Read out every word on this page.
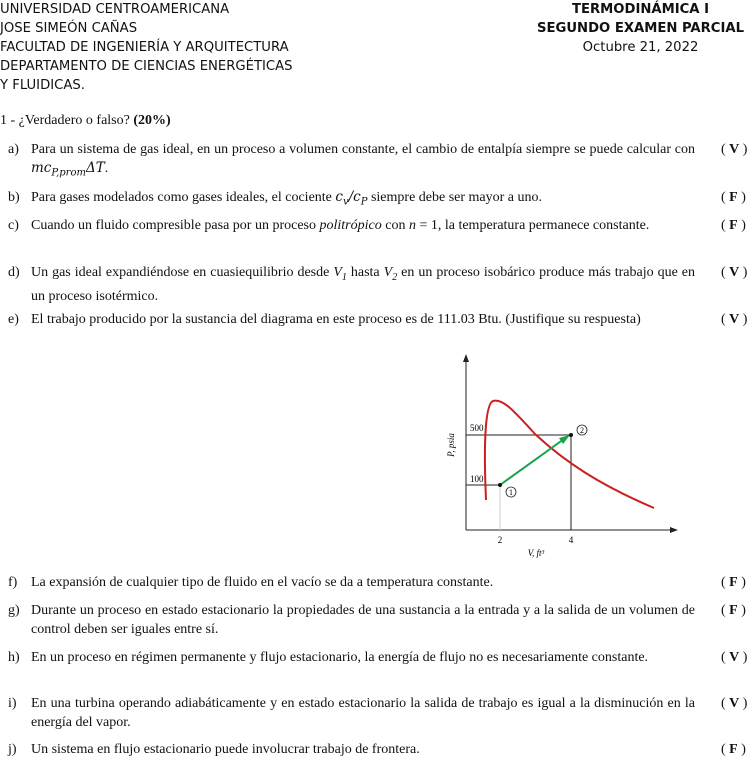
UNIVERSIDAD CENTROAMERICANA
JOSE SIMEÓN CAÑAS
FACULTAD DE INGENIERÍA Y ARQUITECTURA
DEPARTAMENTO DE CIENCIAS ENERGÉTICAS
Y FLUIDICAS.
TERMODINÁMICA I
SEGUNDO EXAMEN PARCIAL
Octubre 21, 2022
1 - ¿Verdadero o falso? (20%)
a) Para un sistema de gas ideal, en un proceso a volumen constante, el cambio de entalpía siempre se puede calcular con $mc_{P,prom}\Delta T$.
( V )
b) Para gases modelados como gases ideales, el cociente $c_v/c_P$ siempre debe ser mayor a uno.	( F )
c) Cuando un fluido compresible pasa por un proceso politrópico con n = 1, la temperatura permanece constante.	( F )
d) Un gas ideal expandiéndose en cuasiequilibrio desde $V_1$ hasta $V_2$ en un proceso isobárico produce más trabajo que en un proceso isotérmico.
( V )
e) El trabajo producido por la sustancia del diagrama en este proceso es de 111.03 Btu. (Justifique su respuesta)	( V )
1
2
500
100
2	4
V, ft³
P, psia
f) La expansión de cualquier tipo de fluido en el vacío se da a temperatura constante.	( F )
g) Durante un proceso en estado estacionario la propiedades de una sustancia a la entrada y a la salida de un volumen de control deben ser iguales entre sí.
( F )
h) En un proceso en régimen permanente y flujo estacionario, la energía de flujo no es necesariamente constante.	( V )
i)	En una turbina operando adiabáticamente y en estado estacionario la salida de trabajo es igual a la disminución en la energía del vapor.
( V )
j)	Un sistema en flujo estacionario puede involucrar trabajo de frontera.	( F )
